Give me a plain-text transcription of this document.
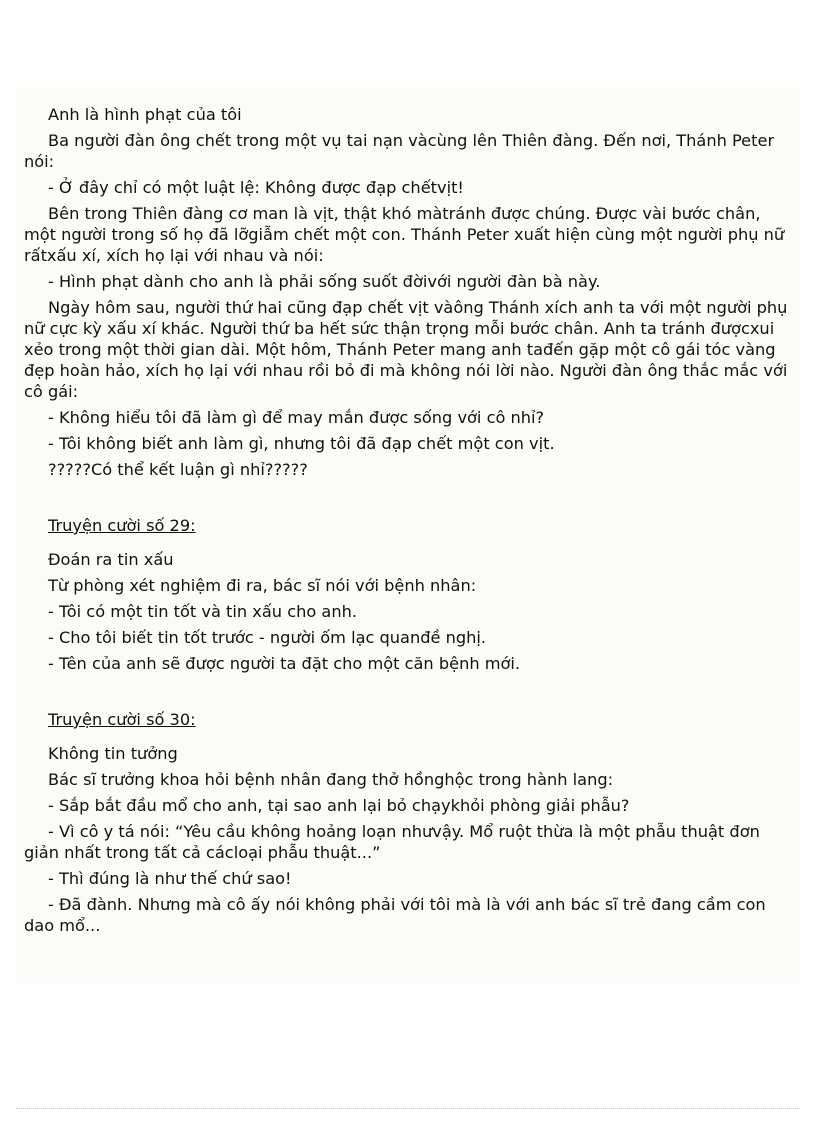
Anh là hình phạt của tôi

Ba người đàn ông chết trong một vụ tai nạn vàcùng lên Thiên đàng. Đến nơi, Thánh Peter nói:

- Ở đây chỉ có một luật lệ: Không được đạp chếtvịt!

Bên trong Thiên đàng cơ man là vịt, thật khó màtránh được chúng. Được vài bước chân, một người trong số họ đã lỡgiẫm chết một con. Thánh Peter xuất hiện cùng một người phụ nữ rấtxấu xí, xích họ lại với nhau và nói:

- Hình phạt dành cho anh là phải sống suốt đờivới người đàn bà này.

Ngày hôm sau, người thứ hai cũng đạp chết vịt vàông Thánh xích anh ta với một người phụ nữ cực kỳ xấu xí khác. Người thứ ba hết sức thận trọng mỗi bước chân. Anh ta tránh đượcxui xẻo trong một thời gian dài. Một hôm, Thánh Peter mang anh tađến gặp một cô gái tóc vàng đẹp hoàn hảo, xích họ lại với nhau rồi bỏ đi mà không nói lời nào. Người đàn ông thắc mắc với cô gái:

- Không hiểu tôi đã làm gì để may mắn được sống với cô nhỉ?

- Tôi không biết anh làm gì, nhưng tôi đã đạp chết một con vịt.

?????Có thể kết luận gì nhỉ?????

Truyện cười số 29:

Đoán ra tin xấu

Từ phòng xét nghiệm đi ra, bác sĩ nói với bệnh nhân:

- Tôi có một tin tốt và tin xấu cho anh.

- Cho tôi biết tin tốt trước - người ốm lạc quanđề nghị.

- Tên của anh sẽ được người ta đặt cho một căn bệnh mới.

Truyện cười số 30:

Không tin tưởng

Bác sĩ trưởng khoa hỏi bệnh nhân đang thở hồnghộc trong hành lang:

- Sắp bắt đầu mổ cho anh, tại sao anh lại bỏ chạykhỏi phòng giải phẫu?

- Vì cô y tá nói: “Yêu cầu không hoảng loạn nhưvậy. Mổ ruột thừa là một phẫu thuật đơn giản nhất trong tất cả cácloại phẫu thuật...”

- Thì đúng là như thế chứ sao!

- Đã đành. Nhưng mà cô ấy nói không phải với tôi mà là với anh bác sĩ trẻ đang cầm con dao mổ...
